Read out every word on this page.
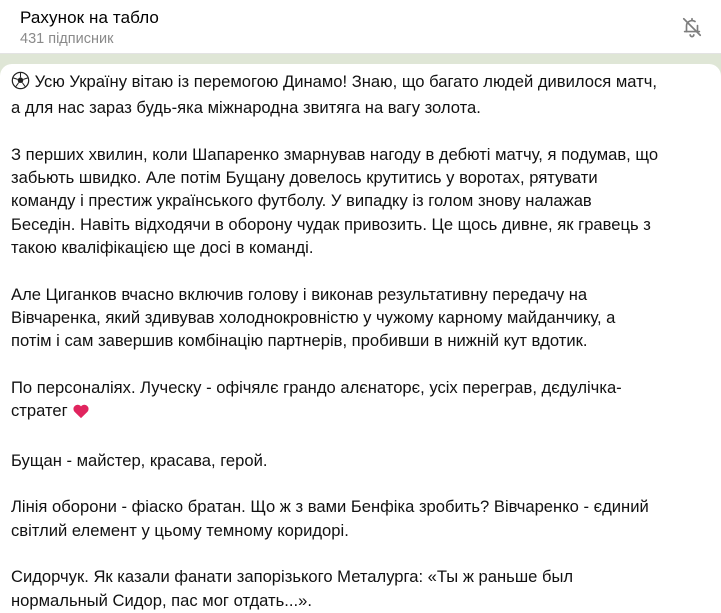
Рахунок на табло
431 підписник
Усю Україну вітаю із перемогою Динамо! Знаю, що багато людей дивилося матч,
а для нас зараз будь-яка міжнародна звитяга на вагу золота.
З перших хвилин, коли Шапаренко змарнував нагоду в дебюті матчу, я подумав, що
забьють швидко. Але потім Бущану довелось крутитись у воротах, рятувати
команду і престиж українського футболу. У випадку із голом знову налажав
Беседін. Навіть відходячи в оборону чудак привозить. Це щось дивне, як гравець з
такою кваліфікацією ще досі в команді.
Але Циганков вчасно включив голову і виконав результативну передачу на
Вівчаренка, який здивував холоднокровністю у чужому карному майданчику, а
потім і сам завершив комбінацію партнерів, пробивши в нижній кут вдотик.
По персоналіях. Луческу - офічялє грандо алєнаторє, усіх переграв, дєдулічка-
стратег
Бущан - майстер, красава, герой.
Лінія оборони - фіаско братан. Що ж з вами Бенфіка зробить? Вівчаренко - єдиний
світлий елемент у цьому темному коридорі.
Сидорчук. Як казали фанати запорізького Металурга: «Ты ж раньше был
нормальный Сидор, пас мог отдать...».
